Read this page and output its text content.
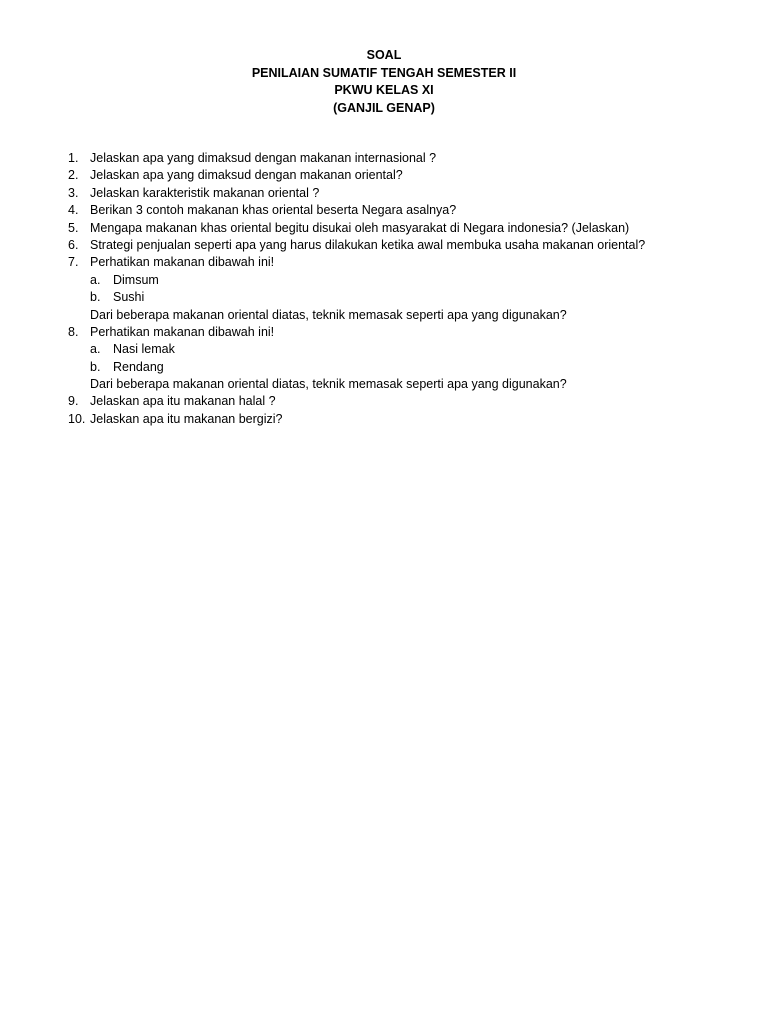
SOAL
PENILAIAN SUMATIF TENGAH SEMESTER II
PKWU KELAS XI
(GANJIL GENAP)
1. Jelaskan apa yang dimaksud dengan makanan internasional ?
2. Jelaskan apa yang dimaksud dengan makanan oriental?
3. Jelaskan karakteristik makanan oriental ?
4. Berikan 3 contoh makanan khas oriental beserta Negara asalnya?
5. Mengapa makanan khas oriental begitu disukai oleh masyarakat di Negara indonesia? (Jelaskan)
6. Strategi penjualan seperti apa yang harus dilakukan ketika awal membuka usaha makanan oriental?
7. Perhatikan makanan dibawah ini!
a. Dimsum
b. Sushi
Dari beberapa makanan oriental diatas, teknik memasak seperti apa yang digunakan?
8. Perhatikan makanan dibawah ini!
a. Nasi lemak
b. Rendang
Dari beberapa makanan oriental diatas, teknik memasak seperti apa yang digunakan?
9. Jelaskan apa itu makanan halal ?
10. Jelaskan apa itu makanan bergizi?
